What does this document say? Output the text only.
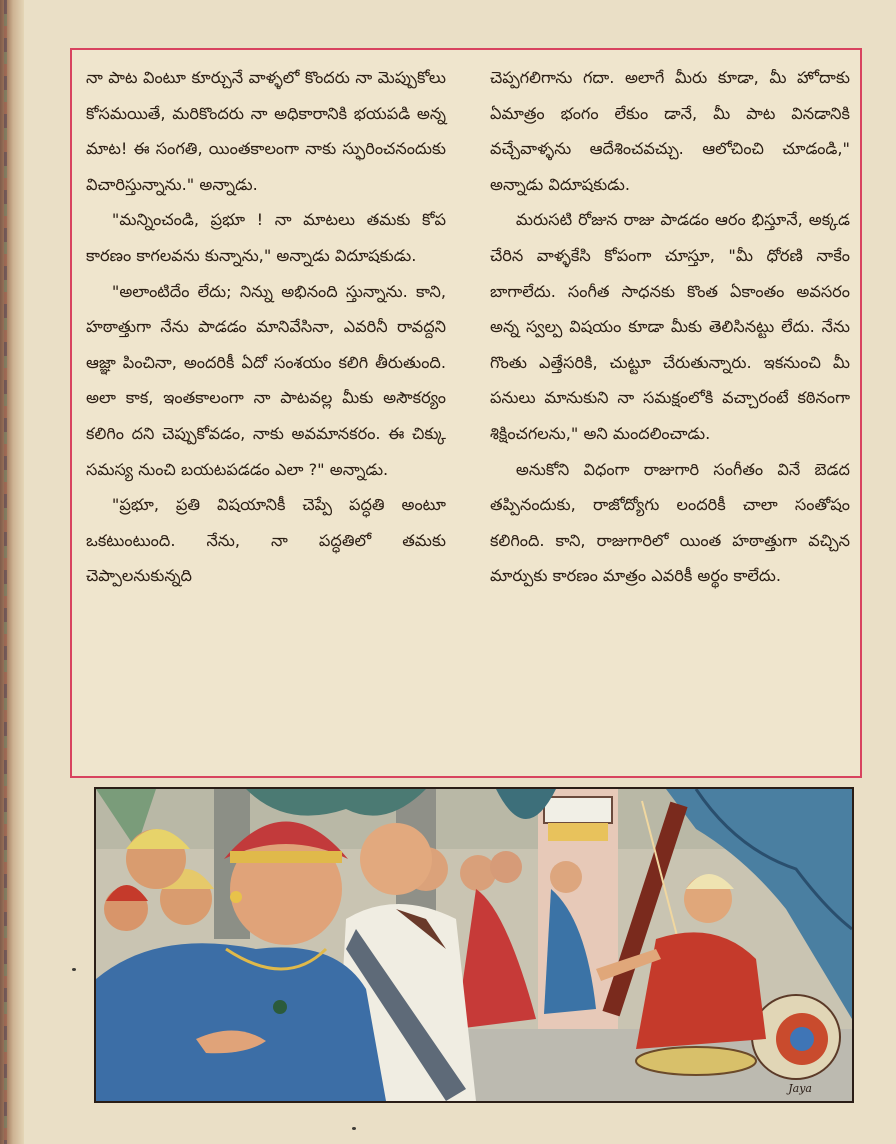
నా పాట వింటూ కూర్చునే వాళ్ళలో కొందరు నా మెప్పుకోలు కోసమయితే, మరికొందరు నా అధికారానికి భయపడి అన్న మాట! ఈ సంగతి, యింతకాలంగా నాకు స్ఫురించనందుకు విచారిస్తున్నాను." అన్నాడు.

"మన్నించండి, ప్రభూ ! నా మాటలు తమకు కోప కారణం కాగలవను కున్నాను," అన్నాడు విదూషకుడు.

"అలాంటిదేం లేదు; నిన్ను అభినంది స్తున్నాను. కాని, హఠాత్తుగా నేను పాడడం మానివేసినా, ఎవరినీ రావద్దని ఆజ్ఞా పించినా, అందరికీ ఏదో సంశయం కలిగి తీరుతుంది. అలా కాక, ఇంతకాలంగా నా పాటవల్ల మీకు అసౌకర్యం కలిగిం దని చెప్పుకోవడం, నాకు అవమానకరం. ఈ చిక్కు సమస్య నుంచి బయటపడడం ఎలా ?" అన్నాడు.

"ప్రభూ, ప్రతి విషయానికీ చెప్పే పద్ధతి అంటూ ఒకటుంటుంది. నేను, నా పద్ధతిలో తమకు చెప్పాలనుకున్నది

చెప్పగలిగాను గదా. అలాగే మీరు కూడా, మీ హోదాకు ఏమాత్రం భంగం లేకుం డానే, మీ పాట వినడానికి వచ్చేవాళ్ళను ఆదేశించవచ్చు. ఆలోచించి చూడండి," అన్నాడు విదూషకుడు.

మరుసటి రోజున రాజు పాడడం ఆరం భిస్తూనే, అక్కడ చేరిన వాళ్ళకేసి కోపంగా చూస్తూ, "మీ ధోరణి నాకేం బాగాలేదు. సంగీత సాధనకు కొంత ఏకాంతం అవసరం అన్న స్వల్ప విషయం కూడా మీకు తెలిసినట్టు లేదు. నేను గొంతు ఎత్తేసరికి, చుట్టూ చేరుతున్నారు. ఇకనుంచి మీ పనులు మానుకుని నా సమక్షంలోకి వచ్చారంటే కఠినంగా శిక్షించగలను," అని మందలించాడు.

అనుకోని విధంగా రాజుగారి సంగీతం వినే బెడద తప్పినందుకు, రాజోద్యోగు లందరికీ చాలా సంతోషం కలిగింది. కాని, రాజుగారిలో యింత హఠాత్తుగా వచ్చిన మార్పుకు కారణం మాత్రం ఎవరికీ అర్థం కాలేదు.

Jaya
